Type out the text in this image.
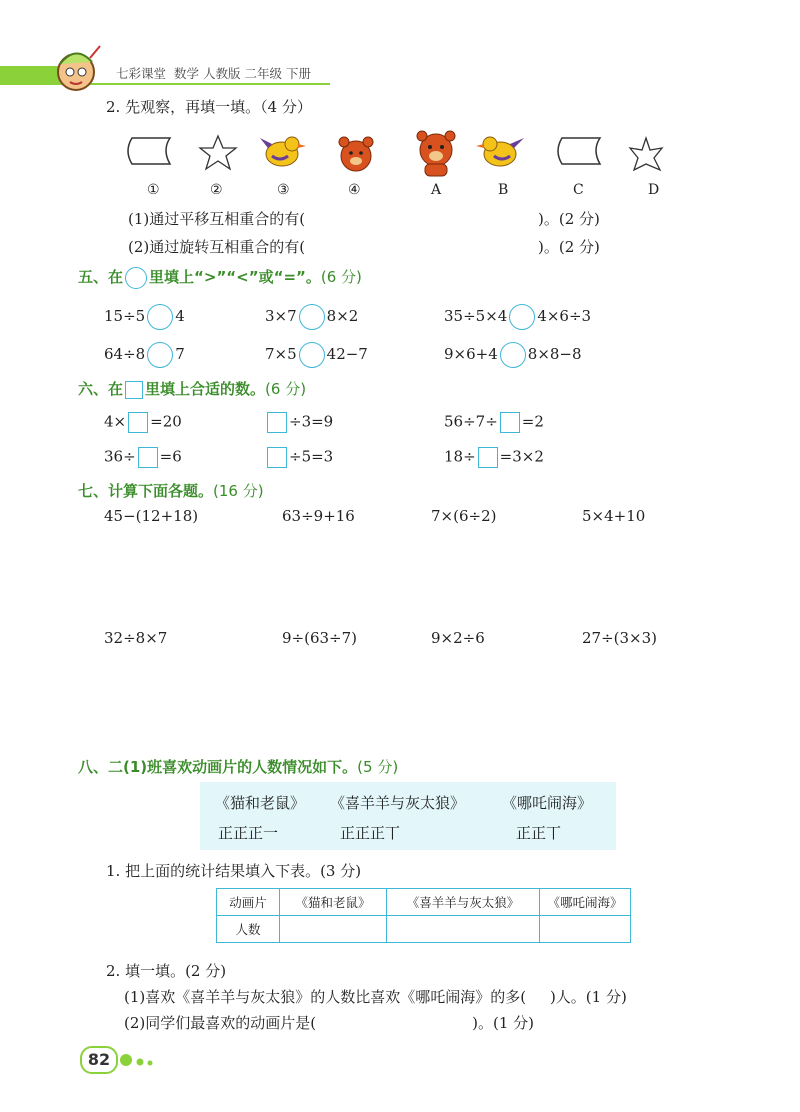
七彩课堂 数学 人教版 二年级 下册
2. 先观察，再填一填。（4 分）
①	②	③	④	A	B	C	D
(1)通过平移互相重合的有(	)。(2 分)
(2)通过旋转互相重合的有(	)。(2 分)
五、在 里填上“>”“<”或“=”。(6 分)
15÷5 4	3×7 8×2	35÷5×4 4×6÷3
64÷8 7	7×5 42−7	9×6+4 8×8−8
六、在 里填上合适的数。(6 分)
4× =20	÷3=9	56÷7÷ =2
36÷ =6	÷5=3	18÷ =3×2
七、计算下面各题。(16 分)
45−(12+18)	63÷9+16	7×(6÷2)	5×4+10
32÷8×7	9÷(63÷7)	9×2÷6	27÷(3×3)
八、二(1)班喜欢动画片的人数情况如下。(5 分)
《猫和老鼠》 《喜羊羊与灰太狼》 《哪吒闹海》
正正正一	正正正丅	正正丅
1. 把上面的统计结果填入下表。(3 分)
动画片	《猫和老鼠》	《喜羊羊与灰太狼》	《哪吒闹海》
人数			
2. 填一填。(2 分)
(1)喜欢《喜羊羊与灰太狼》的人数比喜欢《哪吒闹海》的多( )人。(1 分)
(2)同学们最喜欢的动画片是(	)。(1 分)
82
